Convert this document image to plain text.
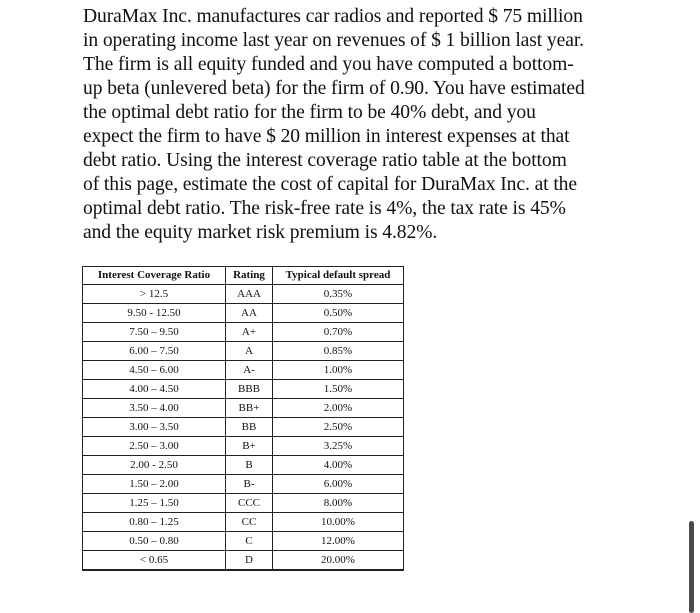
DuraMax Inc. manufactures car radios and reported $ 75 million
in operating income last year on revenues of $ 1 billion last year.
The firm is all equity funded and you have computed a bottom-
up beta (unlevered beta) for the firm of 0.90. You have estimated
the optimal debt ratio for the firm to be 40% debt, and you
expect the firm to have $ 20 million in interest expenses at that
debt ratio. Using the interest coverage ratio table at the bottom
of this page, estimate the cost of capital for DuraMax Inc. at the
optimal debt ratio. The risk-free rate is 4%, the tax rate is 45%
and the equity market risk premium is 4.82%.
Interest Coverage Ratio	Rating	Typical default spread
> 12.5	AAA	0.35%
9.50 - 12.50	AA	0.50%
7.50 – 9.50	A+	0.70%
6.00 – 7.50	A	0.85%
4.50 – 6.00	A-	1.00%
4.00 – 4.50	BBB	1.50%
3.50 – 4.00	BB+	2.00%
3.00 – 3.50	BB	2.50%
2.50 – 3.00	B+	3.25%
2.00 - 2.50	B	4.00%
1.50 – 2.00	B-	6.00%
1.25 – 1.50	CCC	8.00%
0.80 – 1.25	CC	10.00%
0.50 – 0.80	C	12.00%
< 0.65	D	20.00%
